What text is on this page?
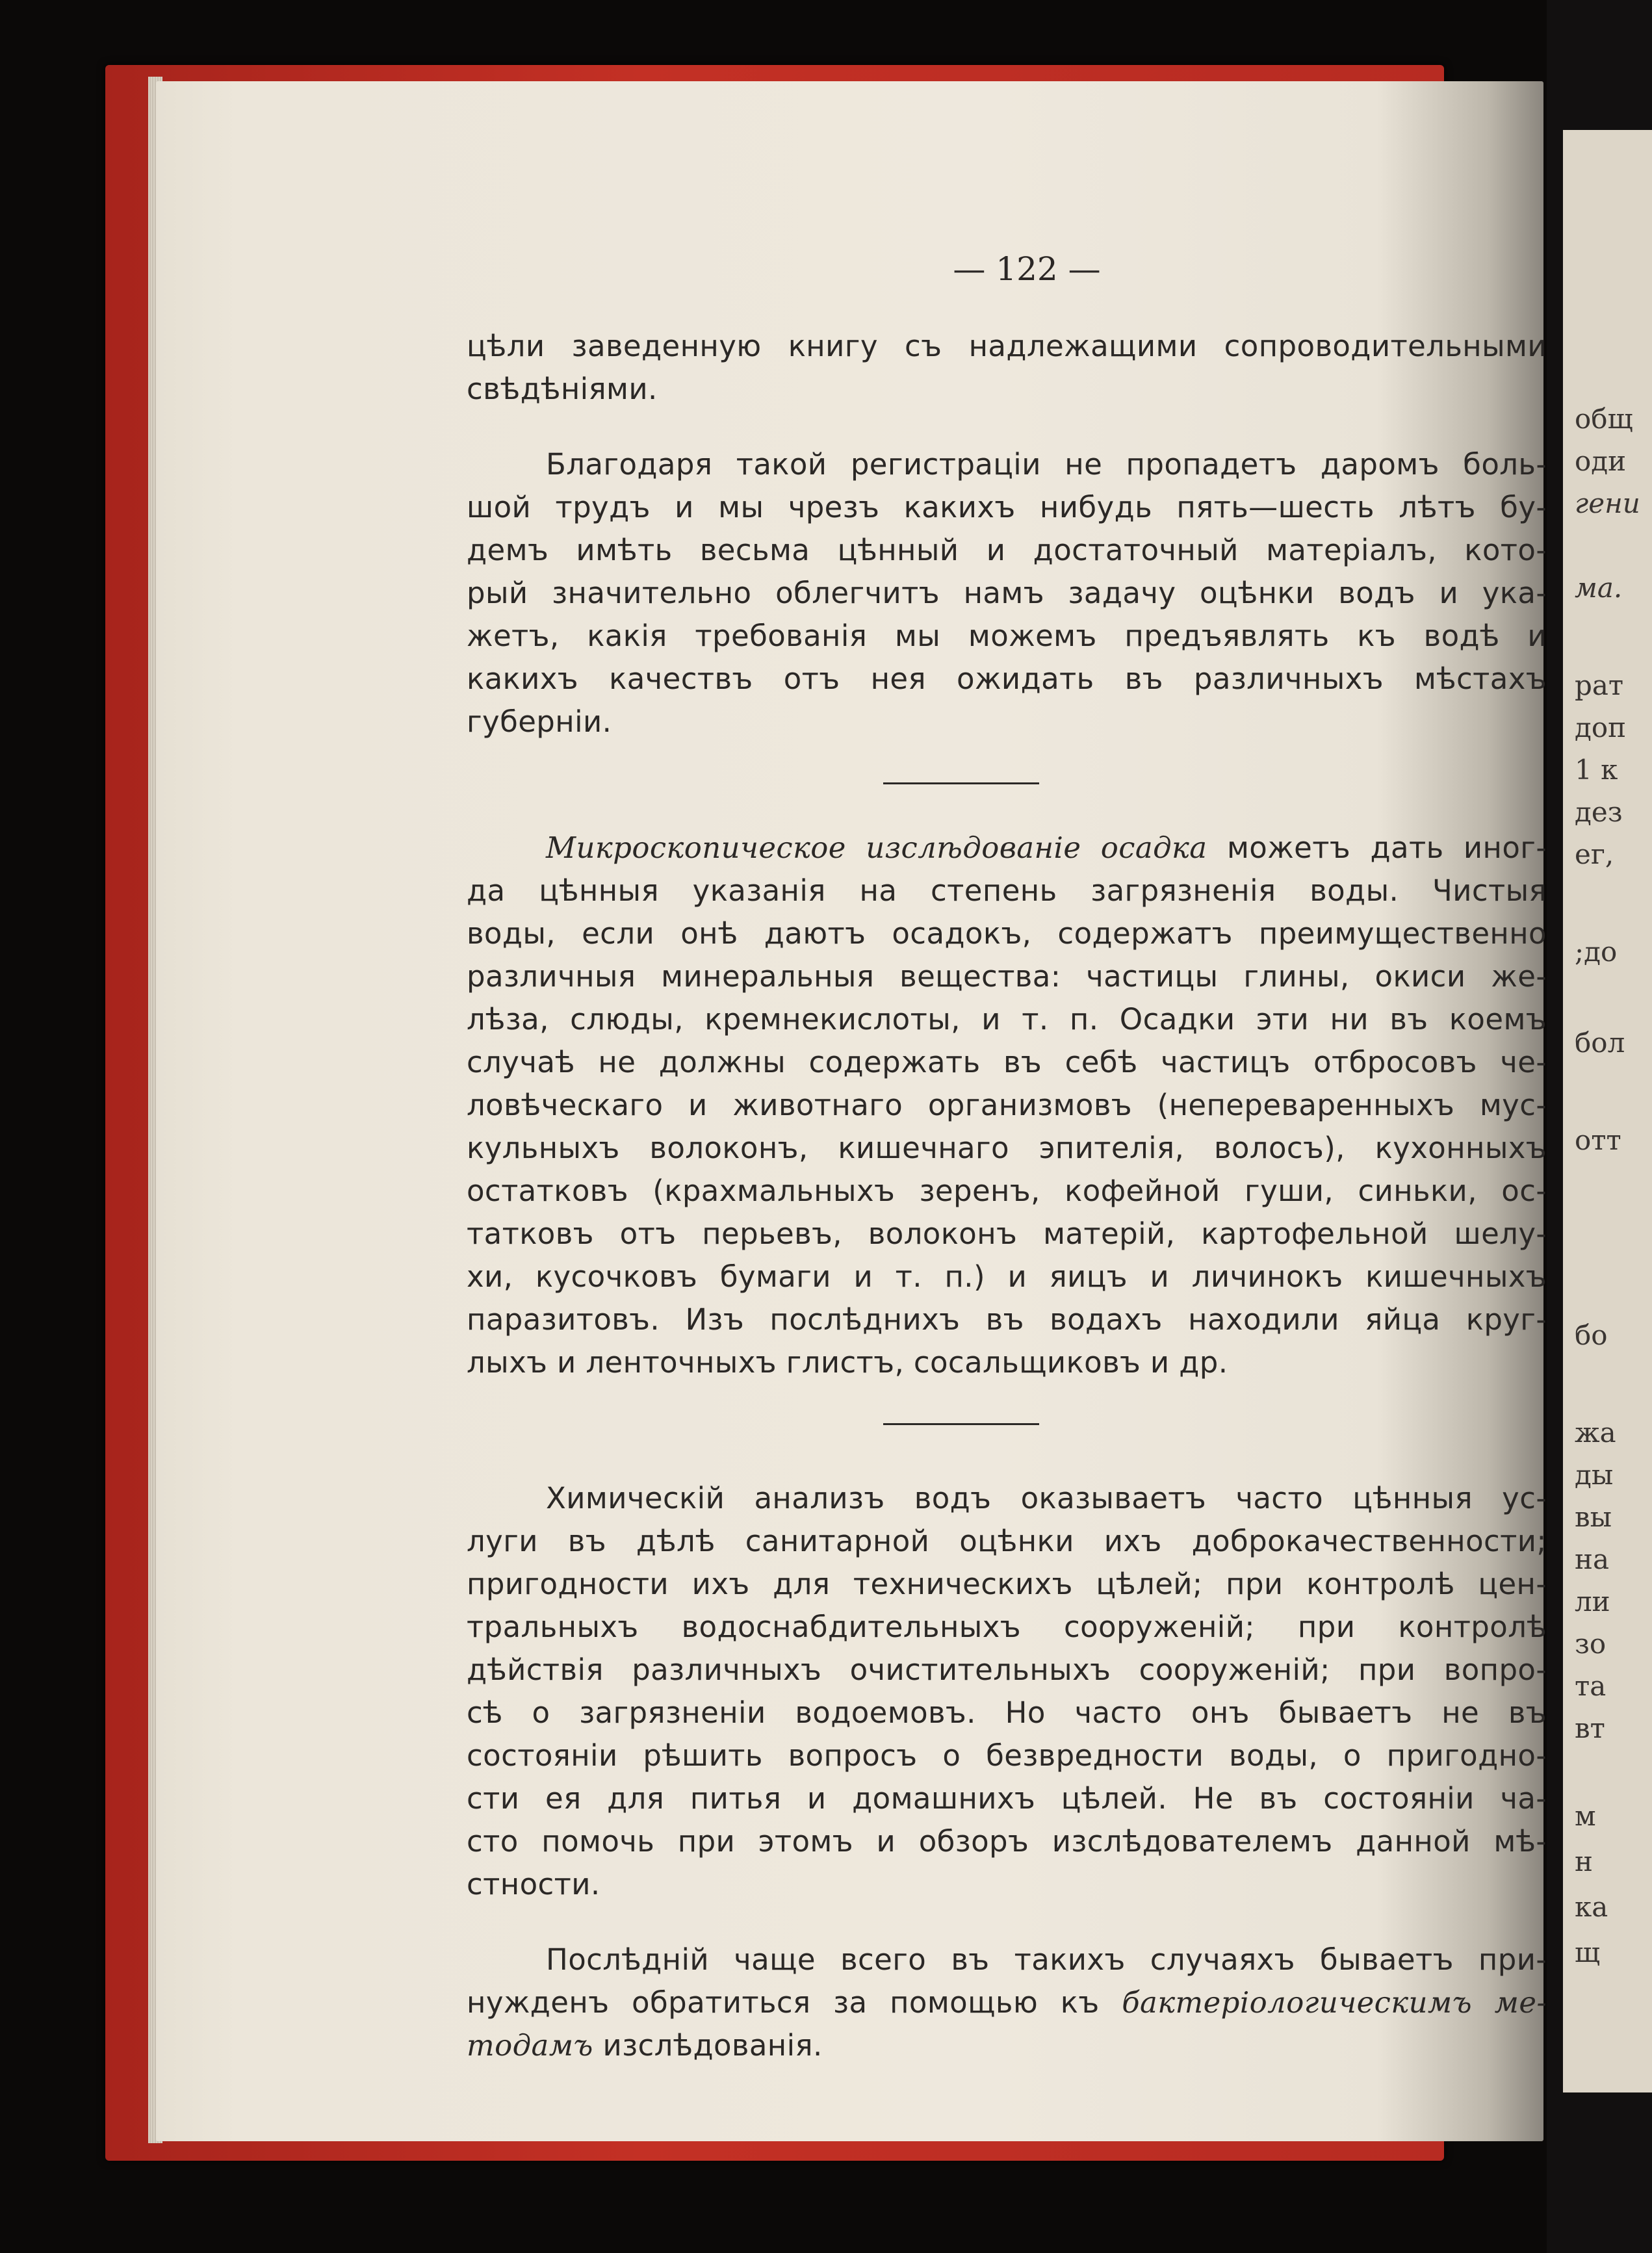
общ
оди
гени
ма.
рат
доп
1 к
дез
ег,
;до
бол
отт
бо
жа
ды
вы
на
ли
зо
та
вт
м
н
ка
щ
— 122 —
цѣли заведенную книгу съ надлежащими сопроводительными
свѣдѣніями.
Благодаря такой регистраціи не пропадетъ даромъ боль-
шой трудъ и мы чрезъ какихъ нибудь пять—шесть лѣтъ бу-
демъ имѣть весьма цѣнный и достаточный матеріалъ, кото-
рый значительно облегчитъ намъ задачу оцѣнки водъ и ука-
жетъ, какія требованія мы можемъ предъявлять къ водѣ и
какихъ качествъ отъ нея ожидать въ различныхъ мѣстахъ
губерніи.
Микроскопическое изслѣдованіе осадка можетъ дать иног-
да цѣнныя указанія на степень загрязненія воды. Чистыя
воды, если онѣ даютъ осадокъ, содержатъ преимущественно
различныя минеральныя вещества: частицы глины, окиси же-
лѣза, слюды, кремнекислоты, и т. п. Осадки эти ни въ коемъ
случаѣ не должны содержать въ себѣ частицъ отбросовъ че-
ловѣческаго и животнаго организмовъ (непереваренныхъ мус-
кульныхъ волоконъ, кишечнаго эпителія, волосъ), кухонныхъ
остатковъ (крахмальныхъ зеренъ, кофейной гуши, синьки, ос-
татковъ отъ перьевъ, волоконъ матерій, картофельной шелу-
хи, кусочковъ бумаги и т. п.) и яицъ и личинокъ кишечныхъ
паразитовъ. Изъ послѣднихъ въ водахъ находили яйца круг-
лыхъ и ленточныхъ глистъ, сосальщиковъ и др.
Химическій анализъ водъ оказываетъ часто цѣнныя ус-
луги въ дѣлѣ санитарной оцѣнки ихъ доброкачественности;
пригодности ихъ для техническихъ цѣлей; при контролѣ цен-
тральныхъ водоснабдительныхъ сооруженій; при контролѣ
дѣйствія различныхъ очистительныхъ сооруженій; при вопро-
сѣ о загрязненіи водоемовъ. Но часто онъ бываетъ не въ
состояніи рѣшить вопросъ о безвредности воды, о пригодно-
сти ея для питья и домашнихъ цѣлей. Не въ состояніи ча-
сто помочь при этомъ и обзоръ изслѣдователемъ данной мѣ-
стности.
Послѣдній чаще всего въ такихъ случаяхъ бываетъ при-
нужденъ обратиться за помощью къ бактеріологическимъ ме-
тодамъ изслѣдованія.
